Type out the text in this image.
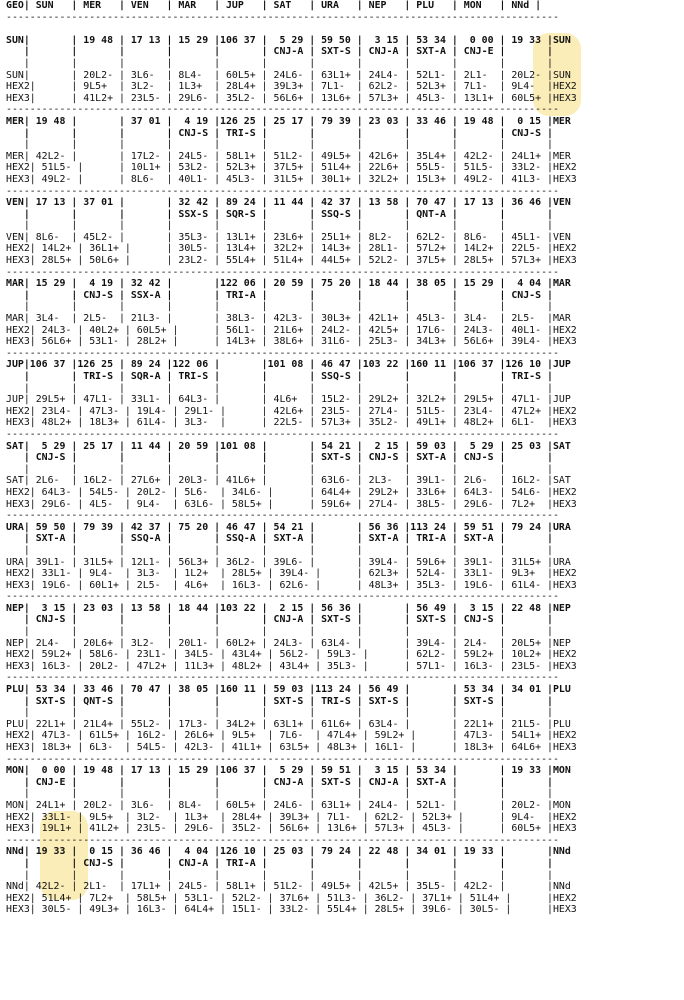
GEO| SUN   | MER   | VEN   | MAR   | JUP   | SAT   | URA   | NEP   | PLU   | MON   | NNd |
---------------------------------------------------------------------------------------------
SUN|       | 19 48 | 17 13 | 15 29 |106 37 |  5 29 | 59 50 |  3 15 | 53 34 |  0 00 | 19 33 |SUN
|       |       |       |       |       | CNJ-A | SXT-S | CNJ-A | SXT-A | CNJ-E |       |
|       |       |       |       |       |       |       |       |       |       |       |
SUN|       | 20L2- | 3L6-  | 8L4-  | 60L5+ | 24L6- | 63L1+ | 24L4- | 52L1- | 2L1-  | 20L2- |SUN
HEX2|      | 9L5+  | 3L2-  | 1L3+  | 28L4+ | 39L3+ | 7L1-  | 62L2- | 52L3+ | 7L1-  | 9L4-  |HEX2
HEX3|      | 41L2+ | 23L5- | 29L6- | 35L2- | 56L6+ | 13L6+ | 57L3+ | 45L3- | 13L1+ | 60L5+ |HEX3
---------------------------------------------------------------------------------------------
MER| 19 48 |       | 37 01 |  4 19 |126 25 | 25 17 | 79 39 | 23 03 | 33 46 | 19 48 |  0 15 |MER
|       |       |       | CNJ-S | TRI-S |       |       |       |       |       | CNJ-S |
|       |       |       |       |       |       |       |       |       |       |       |
MER| 42L2- |       | 17L2- | 24L5- | 58L1+ | 51L2- | 49L5+ | 42L6+ | 35L4+ | 42L2- | 24L1+ |MER
HEX2| 51L5- |      | 10L1+ | 53L2- | 52L3+ | 37L5+ | 51L4+ | 22L6+ | 55L5- | 51L5- | 33L2- |HEX2
HEX3| 49L2- |      | 8L6-  | 40L1- | 45L3- | 31L5+ | 30L1+ | 32L2+ | 15L3+ | 49L2- | 41L3- |HEX3
---------------------------------------------------------------------------------------------
VEN| 17 13 | 37 01 |       | 32 42 | 89 24 | 11 44 | 42 37 | 13 58 | 70 47 | 17 13 | 36 46 |VEN
|       |       |       | SSX-S | SQR-S |       | SSQ-S |       | QNT-A |       |       |
|       |       |       |       |       |       |       |       |       |       |       |
VEN| 8L6-  | 45L2- |       | 35L3- | 13L1+ | 23L6+ | 25L1+ | 8L2-  | 62L2- | 8L6-  | 45L1- |VEN
HEX2| 14L2+ | 36L1+ |      | 30L5- | 13L4+ | 32L2+ | 14L3+ | 28L1- | 57L2+ | 14L2+ | 22L5- |HEX2
HEX3| 28L5+ | 50L6+ |      | 23L2- | 55L4+ | 51L4+ | 44L5+ | 52L2- | 37L5+ | 28L5+ | 57L3+ |HEX3
---------------------------------------------------------------------------------------------
MAR| 15 29 |  4 19 | 32 42 |       |122 06 | 20 59 | 75 20 | 18 44 | 38 05 | 15 29 |  4 04 |MAR
|       | CNJ-S | SSX-A |       | TRI-A |       |       |       |       |       | CNJ-S |
|       |       |       |       |       |       |       |       |       |       |       |
MAR| 3L4-  | 2L5-  | 21L3- |       | 38L3- | 42L3- | 30L3+ | 42L1+ | 45L3- | 3L4-  | 2L5-  |MAR
HEX2| 24L3- | 40L2+ | 60L5+ |      | 56L1- | 21L6+ | 24L2- | 42L5+ | 17L6- | 24L3- | 40L1- |HEX2
HEX3| 56L6+ | 53L1- | 28L2+ |      | 14L3+ | 38L6+ | 31L6- | 25L3- | 34L3+ | 56L6+ | 39L4- |HEX3
---------------------------------------------------------------------------------------------
JUP|106 37 |126 25 | 89 24 |122 06 |       |101 08 | 46 47 |103 22 |160 11 |106 37 |126 10 |JUP
|       | TRI-S | SQR-A | TRI-S |       |       | SSQ-S |       |       |       | TRI-S |
|       |       |       |       |       |       |       |       |       |       |       |
JUP| 29L5+ | 47L1- | 33L1- | 64L3- |       | 4L6+  | 15L2- | 29L2+ | 32L2+ | 29L5+ | 47L1- |JUP
HEX2| 23L4- | 47L3- | 19L4- | 29L1- |      | 42L6+ | 23L5- | 27L4- | 51L5- | 23L4- | 47L2+ |HEX2
HEX3| 48L2+ | 18L3+ | 61L4- | 3L3-  |      | 22L5- | 57L3+ | 35L2- | 49L1+ | 48L2+ | 6L1-  |HEX3
---------------------------------------------------------------------------------------------
SAT|  5 29 | 25 17 | 11 44 | 20 59 |101 08 |       | 54 21 |  2 15 | 59 03 |  5 29 | 25 03 |SAT
| CNJ-S |       |       |       |       |       | SXT-S | CNJ-S | SXT-A | CNJ-S |       |
|       |       |       |       |       |       |       |       |       |       |       |
SAT| 2L6-  | 16L2- | 27L6+ | 20L3- | 41L6+ |       | 63L6- | 2L3-  | 39L1- | 2L6-  | 16L2- |SAT
HEX2| 64L3- | 54L5- | 20L2- | 5L6-  | 34L6- |      | 64L4+ | 29L2+ | 33L6+ | 64L3- | 54L6- |HEX2
HEX3| 29L6- | 4L5-  | 9L4-  | 63L6- | 58L5+ |      | 59L6+ | 27L4- | 38L5- | 29L6- | 7L2+  |HEX3
---------------------------------------------------------------------------------------------
URA| 59 50 | 79 39 | 42 37 | 75 20 | 46 47 | 54 21 |       | 56 36 |113 24 | 59 51 | 79 24 |URA
| SXT-A |       | SSQ-A |       | SSQ-A | SXT-A |       | SXT-A | TRI-A | SXT-A |       |
|       |       |       |       |       |       |       |       |       |       |       |
URA| 39L1- | 31L5+ | 12L1- | 56L3+ | 36L2- | 39L6- |       | 39L4- | 59L6+ | 39L1- | 31L5+ |URA
HEX2| 33L1- | 9L4-  | 3L3-  | 1L2+  | 28L5+ | 39L4- |      | 62L3+ | 52L4- | 33L1- | 9L3+  |HEX2
HEX3| 19L6- | 60L1+ | 2L5-  | 4L6+  | 16L3- | 62L6- |      | 48L3+ | 35L3- | 19L6- | 61L4- |HEX3
---------------------------------------------------------------------------------------------
NEP|  3 15 | 23 03 | 13 58 | 18 44 |103 22 |  2 15 | 56 36 |       | 56 49 |  3 15 | 22 48 |NEP
| CNJ-S |       |       |       |       | CNJ-A | SXT-S |       | SXT-S | CNJ-S |       |
|       |       |       |       |       |       |       |       |       |       |       |
NEP| 2L4-  | 20L6+ | 3L2-  | 20L1- | 60L2+ | 24L3- | 63L4- |       | 39L4- | 2L4-  | 20L5+ |NEP
HEX2| 59L2+ | 58L6- | 23L1- | 34L5- | 43L4+ | 56L2- | 59L3- |      | 62L2- | 59L2+ | 10L2+ |HEX2
HEX3| 16L3- | 20L2- | 47L2+ | 11L3+ | 48L2+ | 43L4+ | 35L3- |      | 57L1- | 16L3- | 23L5- |HEX3
---------------------------------------------------------------------------------------------
PLU| 53 34 | 33 46 | 70 47 | 38 05 |160 11 | 59 03 |113 24 | 56 49 |       | 53 34 | 34 01 |PLU
| SXT-S | QNT-S |       |       |       | SXT-S | TRI-S | SXT-S |       | SXT-S |       |
|       |       |       |       |       |       |       |       |       |       |       |
PLU| 22L1+ | 21L4+ | 55L2- | 17L3- | 34L2+ | 63L1+ | 61L6+ | 63L4- |       | 22L1+ | 21L5- |PLU
HEX2| 47L3- | 61L5+ | 16L2- | 26L6+ | 9L5+  | 7L6-  | 47L4+ | 59L2+ |      | 47L3- | 54L1+ |HEX2
HEX3| 18L3+ | 6L3-  | 54L5- | 42L3- | 41L1+ | 63L5+ | 48L3+ | 16L1- |      | 18L3+ | 64L6+ |HEX3
---------------------------------------------------------------------------------------------
MON|  0 00 | 19 48 | 17 13 | 15 29 |106 37 |  5 29 | 59 51 |  3 15 | 53 34 |       | 19 33 |MON
| CNJ-E |       |       |       |       | CNJ-A | SXT-S | CNJ-A | SXT-A |       |       |
|       |       |       |       |       |       |       |       |       |       |       |
MON| 24L1+ | 20L2- | 3L6-  | 8L4-  | 60L5+ | 24L6- | 63L1+ | 24L4- | 52L1- |       | 20L2- |MON
HEX2| 33L1- | 9L5+  | 3L2-  | 1L3+  | 28L4+ | 39L3+ | 7L1-  | 62L2- | 52L3+ |      | 9L4-  |HEX2
HEX3| 19L1+ | 41L2+ | 23L5- | 29L6- | 35L2- | 56L6+ | 13L6+ | 57L3+ | 45L3- |      | 60L5+ |HEX3
---------------------------------------------------------------------------------------------
NNd| 19 33 |  0 15 | 36 46 |  4 04 |126 10 | 25 03 | 79 24 | 22 48 | 34 01 | 19 33 |       |NNd
|       | CNJ-S |       | CNJ-A | TRI-A |       |       |       |       |       |       |
|       |       |       |       |       |       |       |       |       |       |       |
NNd| 42L2- | 2L1-  | 17L1+ | 24L5- | 58L1+ | 51L2- | 49L5+ | 42L5+ | 35L5- | 42L2- |       |NNd
HEX2| 51L4+ | 7L2+  | 58L5+ | 53L1- | 52L2- | 37L6+ | 51L3- | 36L2- | 37L1+ | 51L4+ |      |HEX2
HEX3| 30L5- | 49L3+ | 16L3- | 64L4+ | 15L1- | 33L2- | 55L4+ | 28L5+ | 39L6- | 30L5- |      |HEX3
